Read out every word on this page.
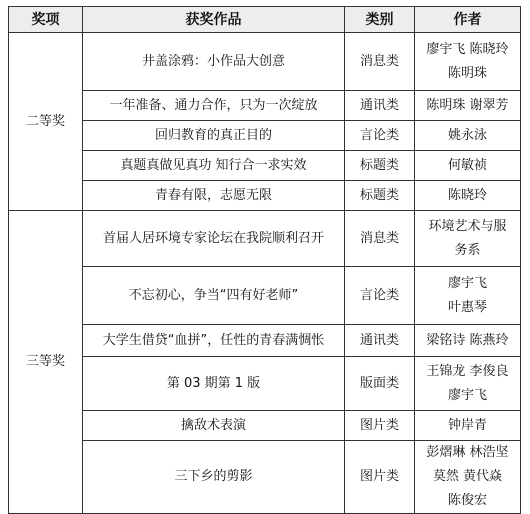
奖项	获奖作品	类别	作者
二等奖	井盖涂鸦：小作品大创意	消息类	廖宇飞 陈晓玲
陈明珠

	一年准备、通力合作，只为一次绽放	通讯类	陈明珠 谢翠芳

	回归教育的真正目的	言论类	姚永泳

	真题真做见真功 知行合一求实效	标题类	何敏祯

	青春有限，志愿无限	标题类	陈晓玲

三等奖	首届人居环境专家论坛在我院顺利召开	消息类	环境艺术与服
务系

	不忘初心，争当“四有好老师”	言论类	廖宇飞
叶惠琴

	大学生借贷“血拼”，任性的青春满惆怅	通讯类	梁铭诗 陈燕玲

	第 03 期第 1 版	版面类	王锦龙 李俊良
廖宇飞

	擒敌术表演	图片类	钟岸青

	三下乡的剪影	图片类	彭熠琳 林浩坚
莫然 黄代焱
陈俊宏
